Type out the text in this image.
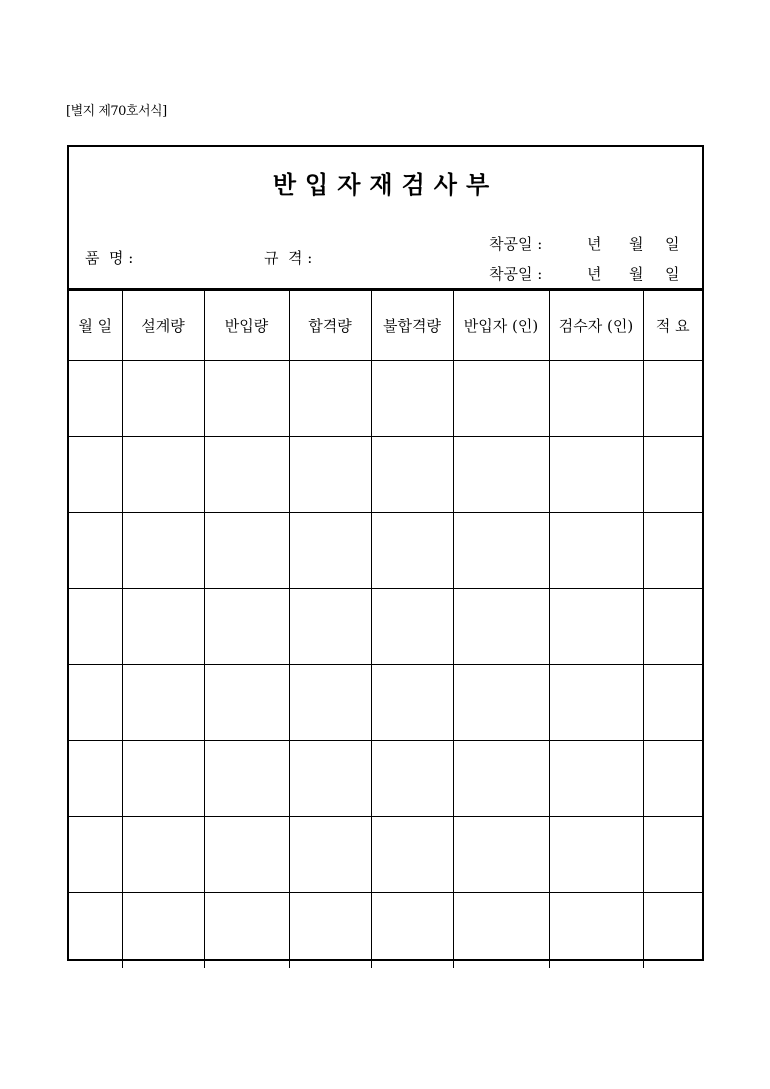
[별지 제70호서식]
반입자재검사부
품  명 :	규  격 :
착공일 :	년 월 일
착공일 :	년 월 일
월 일	설계량	반입량	합격량	불합격량	반입자 (인)	검수자 (인)	적 요
